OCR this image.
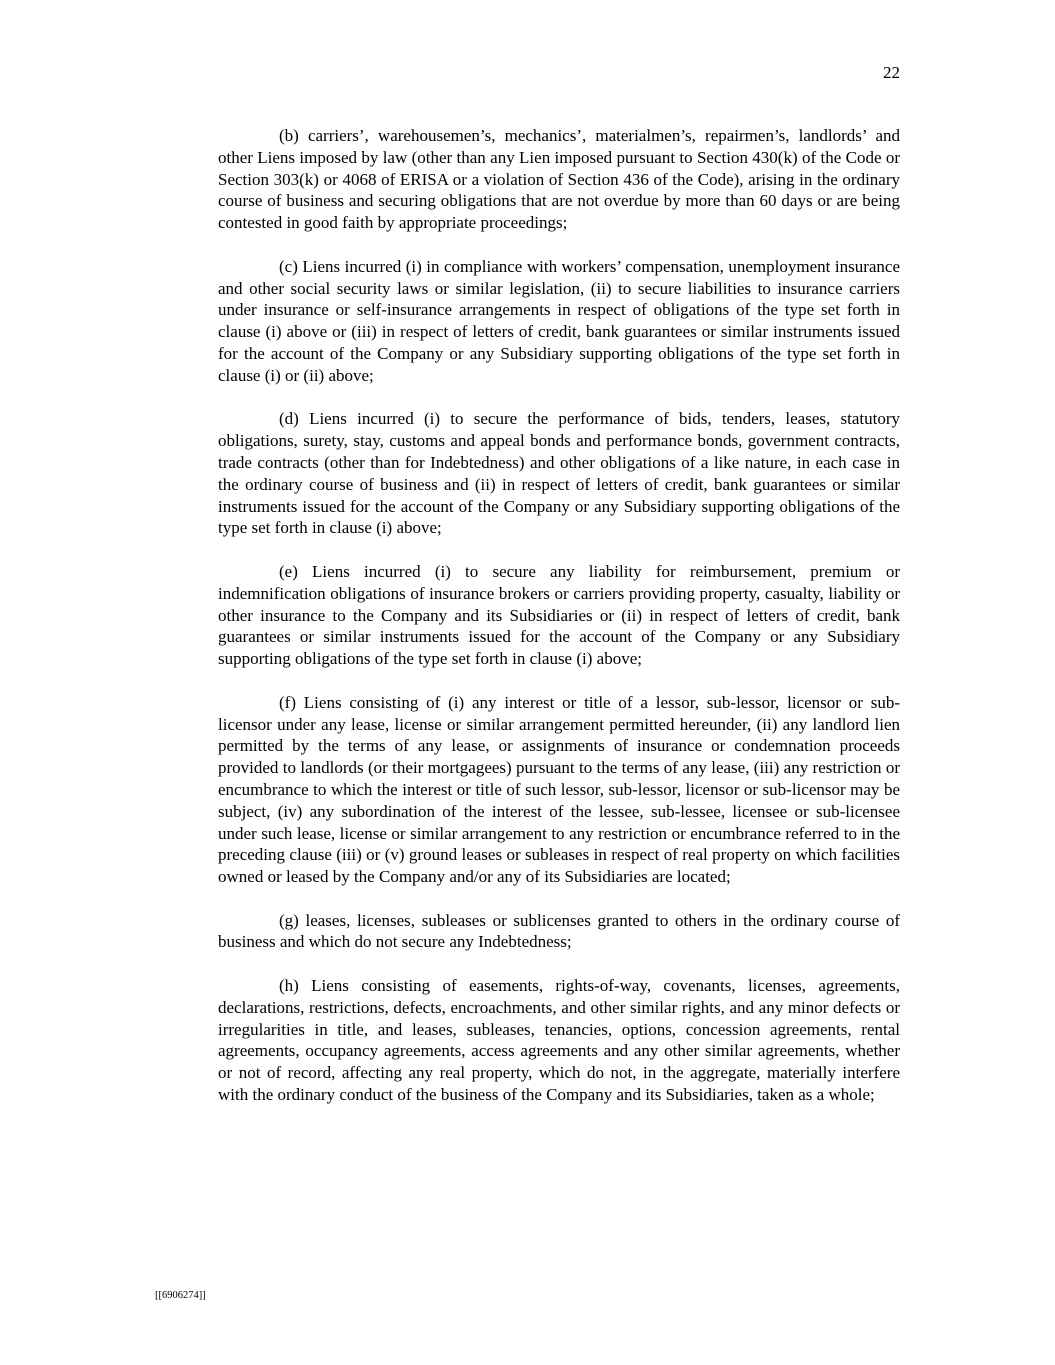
22

(b) carriers’, warehousemen’s, mechanics’, materialmen’s, repairmen’s, landlords’ and other Liens imposed by law (other than any Lien imposed pursuant to Section 430(k) of the Code or Section 303(k) or 4068 of ERISA or a violation of Section 436 of the Code), arising in the ordinary course of business and securing obligations that are not overdue by more than 60 days or are being contested in good faith by appropriate proceedings;

(c) Liens incurred (i) in compliance with workers’ compensation, unemployment insurance and other social security laws or similar legislation, (ii) to secure liabilities to insurance carriers under insurance or self-insurance arrangements in respect of obligations of the type set forth in clause (i) above or (iii) in respect of letters of credit, bank guarantees or similar instruments issued for the account of the Company or any Subsidiary supporting obligations of the type set forth in clause (i) or (ii) above;

(d) Liens incurred (i) to secure the performance of bids, tenders, leases, statutory obligations, surety, stay, customs and appeal bonds and performance bonds, government contracts, trade contracts (other than for Indebtedness) and other obligations of a like nature, in each case in the ordinary course of business and (ii) in respect of letters of credit, bank guarantees or similar instruments issued for the account of the Company or any Subsidiary supporting obligations of the type set forth in clause (i) above;

(e) Liens incurred (i) to secure any liability for reimbursement, premium or indemnification obligations of insurance brokers or carriers providing property, casualty, liability or other insurance to the Company and its Subsidiaries or (ii) in respect of letters of credit, bank guarantees or similar instruments issued for the account of the Company or any Subsidiary supporting obligations of the type set forth in clause (i) above;

(f) Liens consisting of (i) any interest or title of a lessor, sub-lessor, licensor or sub-licensor under any lease, license or similar arrangement permitted hereunder, (ii) any landlord lien permitted by the terms of any lease, or assignments of insurance or condemnation proceeds provided to landlords (or their mortgagees) pursuant to the terms of any lease, (iii) any restriction or encumbrance to which the interest or title of such lessor, sub-lessor, licensor or sub-licensor may be subject, (iv) any subordination of the interest of the lessee, sub-lessee, licensee or sub-licensee under such lease, license or similar arrangement to any restriction or encumbrance referred to in the preceding clause (iii) or (v) ground leases or subleases in respect of real property on which facilities owned or leased by the Company and/or any of its Subsidiaries are located;

(g) leases, licenses, subleases or sublicenses granted to others in the ordinary course of business and which do not secure any Indebtedness;

(h) Liens consisting of easements, rights-of-way, covenants, licenses, agreements, declarations, restrictions, defects, encroachments, and other similar rights, and any minor defects or irregularities in title, and leases, subleases, tenancies, options, concession agreements, rental agreements, occupancy agreements, access agreements and any other similar agreements, whether or not of record, affecting any real property, which do not, in the aggregate, materially interfere with the ordinary conduct of the business of the Company and its Subsidiaries, taken as a whole;

[[6906274]]
